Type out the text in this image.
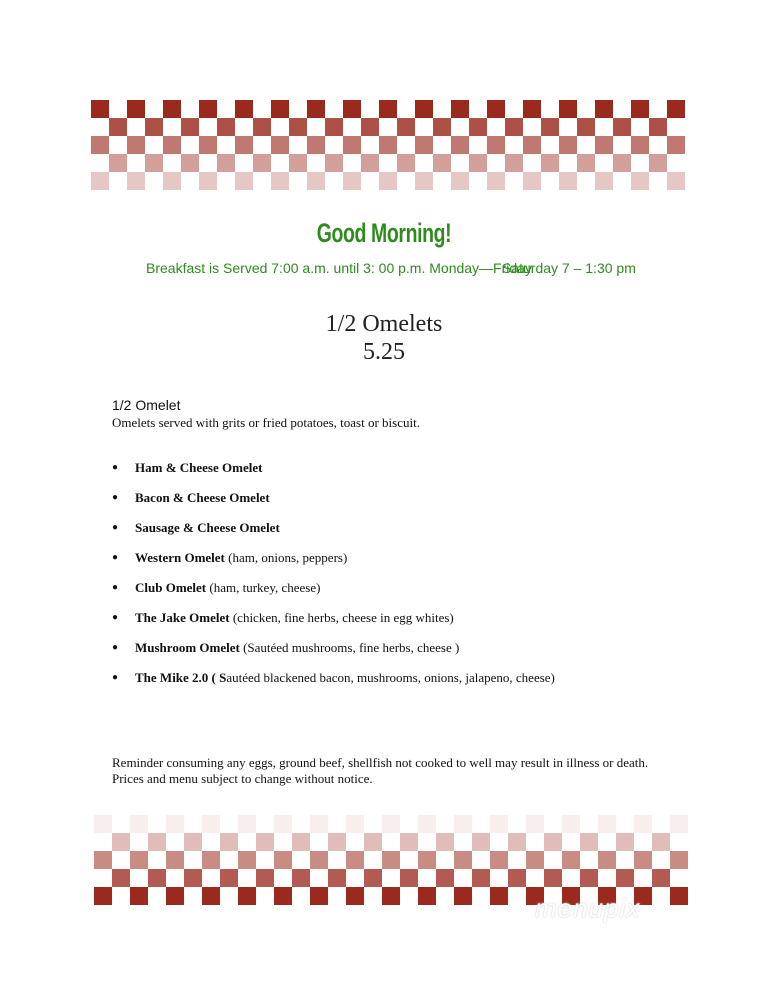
Good Morning!
Breakfast is Served 7:00 a.m. until 3: 00 p.m. Monday—Friday
Saturday 7 – 1:30 pm
1/2 Omelets
5.25
1/2 Omelet
Omelets served with grits or fried potatoes, toast or biscuit.
● Ham & Cheese Omelet
● Bacon & Cheese Omelet
● Sausage & Cheese Omelet
● Western Omelet (ham, onions, peppers)
● Club Omelet (ham, turkey, cheese)
● The Jake Omelet (chicken, fine herbs, cheese in egg whites)
● Mushroom Omelet (Sautéed mushrooms, fine herbs, cheese )
● The Mike 2.0 ( Sautéed blackened bacon, mushrooms, onions, jalapeno, cheese)
Reminder consuming any eggs, ground beef, shellfish not cooked to well may result in illness or death.
Prices and menu subject to change without notice.
menupix
